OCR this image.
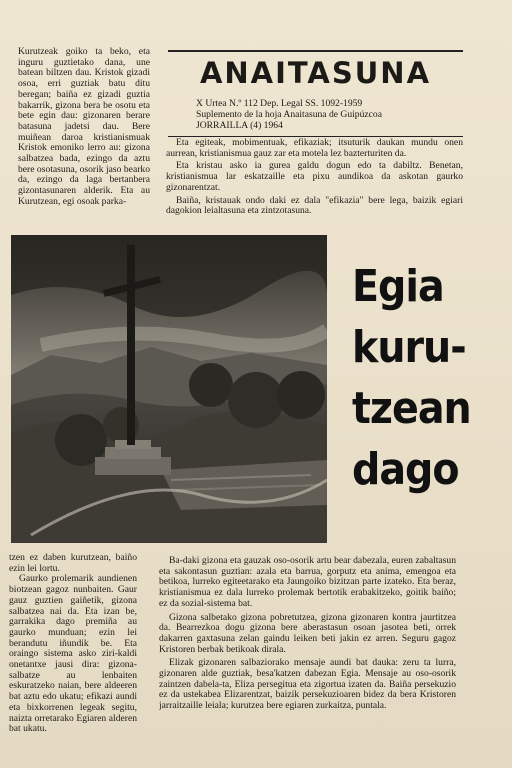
Kurutzeak goiko ta beko, eta inguru guztietako dana, une batean biltzen dau. Kristok gizadi osoa, erri guztiak batu ditu beregan; baiña ez gizadi guztia bakarrik, gizona bera be osotu eta bete egin dau: gizonaren berare batasuna jadetsi dau. Bere muiñean daroa kristianismuak Kristok emoniko lerro au: gizona salbatzea bada, ezingo da aztu bere osotasuna, osorik jaso bearko da, ezingo da laga bertanbera gizontasunaren alderik. Eta au Kurutzean, egi osoak parka-

ANAITASUNA
X Urtea N.º 112 Dep. Legal SS. 1092-1959
Suplemento de la hoja Anaitasuna de Guipúzcoa
JORRAILLA (4) 1964

Eta egiteak, mobimentuak, efikaziak; itsuturik daukan mundu onen aurrean, kristianismua gauz zar eta motela lez bazterturiten da.

Eta kristau asko ia gurea galdu dogun edo ta dabiltz. Benetan, kristianismua lar eskatzaille eta pixu aundikoa da askotan gaurko gizonarentzat.

Baiña, kristauak ondo daki ez dala "efikazia" bere lega, baizik egiari dagokion leialtasuna eta zintzotasuna.

Egia
kuru-
tzean
dago

tzen ez daben kurutzean, baiño ezin lei lortu.

Gaurko prolemarik aundienen biotzean gagoz nunbaiten. Gaur gauz guztien gaiñetik, gizona salbatzea nai da. Eta izan be, garrakika dago premiña au gaurko munduan; ezin lei berandutu iñundik be. Eta oraingo sistema asko ziri-kaldi onetantxe jausi dira: gizona-salbatze au lenbaiten eskuratzeko naian, bere aldeeren bat aztu edo ukatu; efikazi aundi eta bixkorrenen legeak segitu, naizta orretarako Egiaren alderen bat ukatu.

Ba-daki gizona eta gauzak oso-osorik artu bear dabezala, euren zabaltasun eta sakontasun guztian: azala eta barrua, gorputz eta anima, emengoa eta betikoa, lurreko egiteetarako eta Jaungoiko bizitzan parte izateko. Eta beraz, kristianismua ez dala lurreko prolemak bertotik erabakitzeko, goitik baiño; ez da sozial-sistema bat.

Gizona salbetako gizona pobretutzea, gizona gizonaren kontra jaurtitzea da. Bearrezkoa dogu gizona bere aberastasun osoan jasotea beti, orrek dakarren gaxtasuna zelan gaindu leiken beti jakin ez arren. Seguru gagoz Kristoren berbak betikoak dirala.

Elizak gizonaren salbaziorako mensaje aundi bat dauka: zeru ta lurra, gizonaren alde guztiak, besa'katzen dabezan Egia. Mensaje au oso-osorik zaintzen dabela-ta, Eliza persegitua eta zigortua izaten da. Baiña persekuzio ez da ustekabea Elizarentzat, baizik persekuzioaren bidez da bera Kristoren jarraitzaille leiala; kurutzea bere egiaren zurkaitza, puntala.
